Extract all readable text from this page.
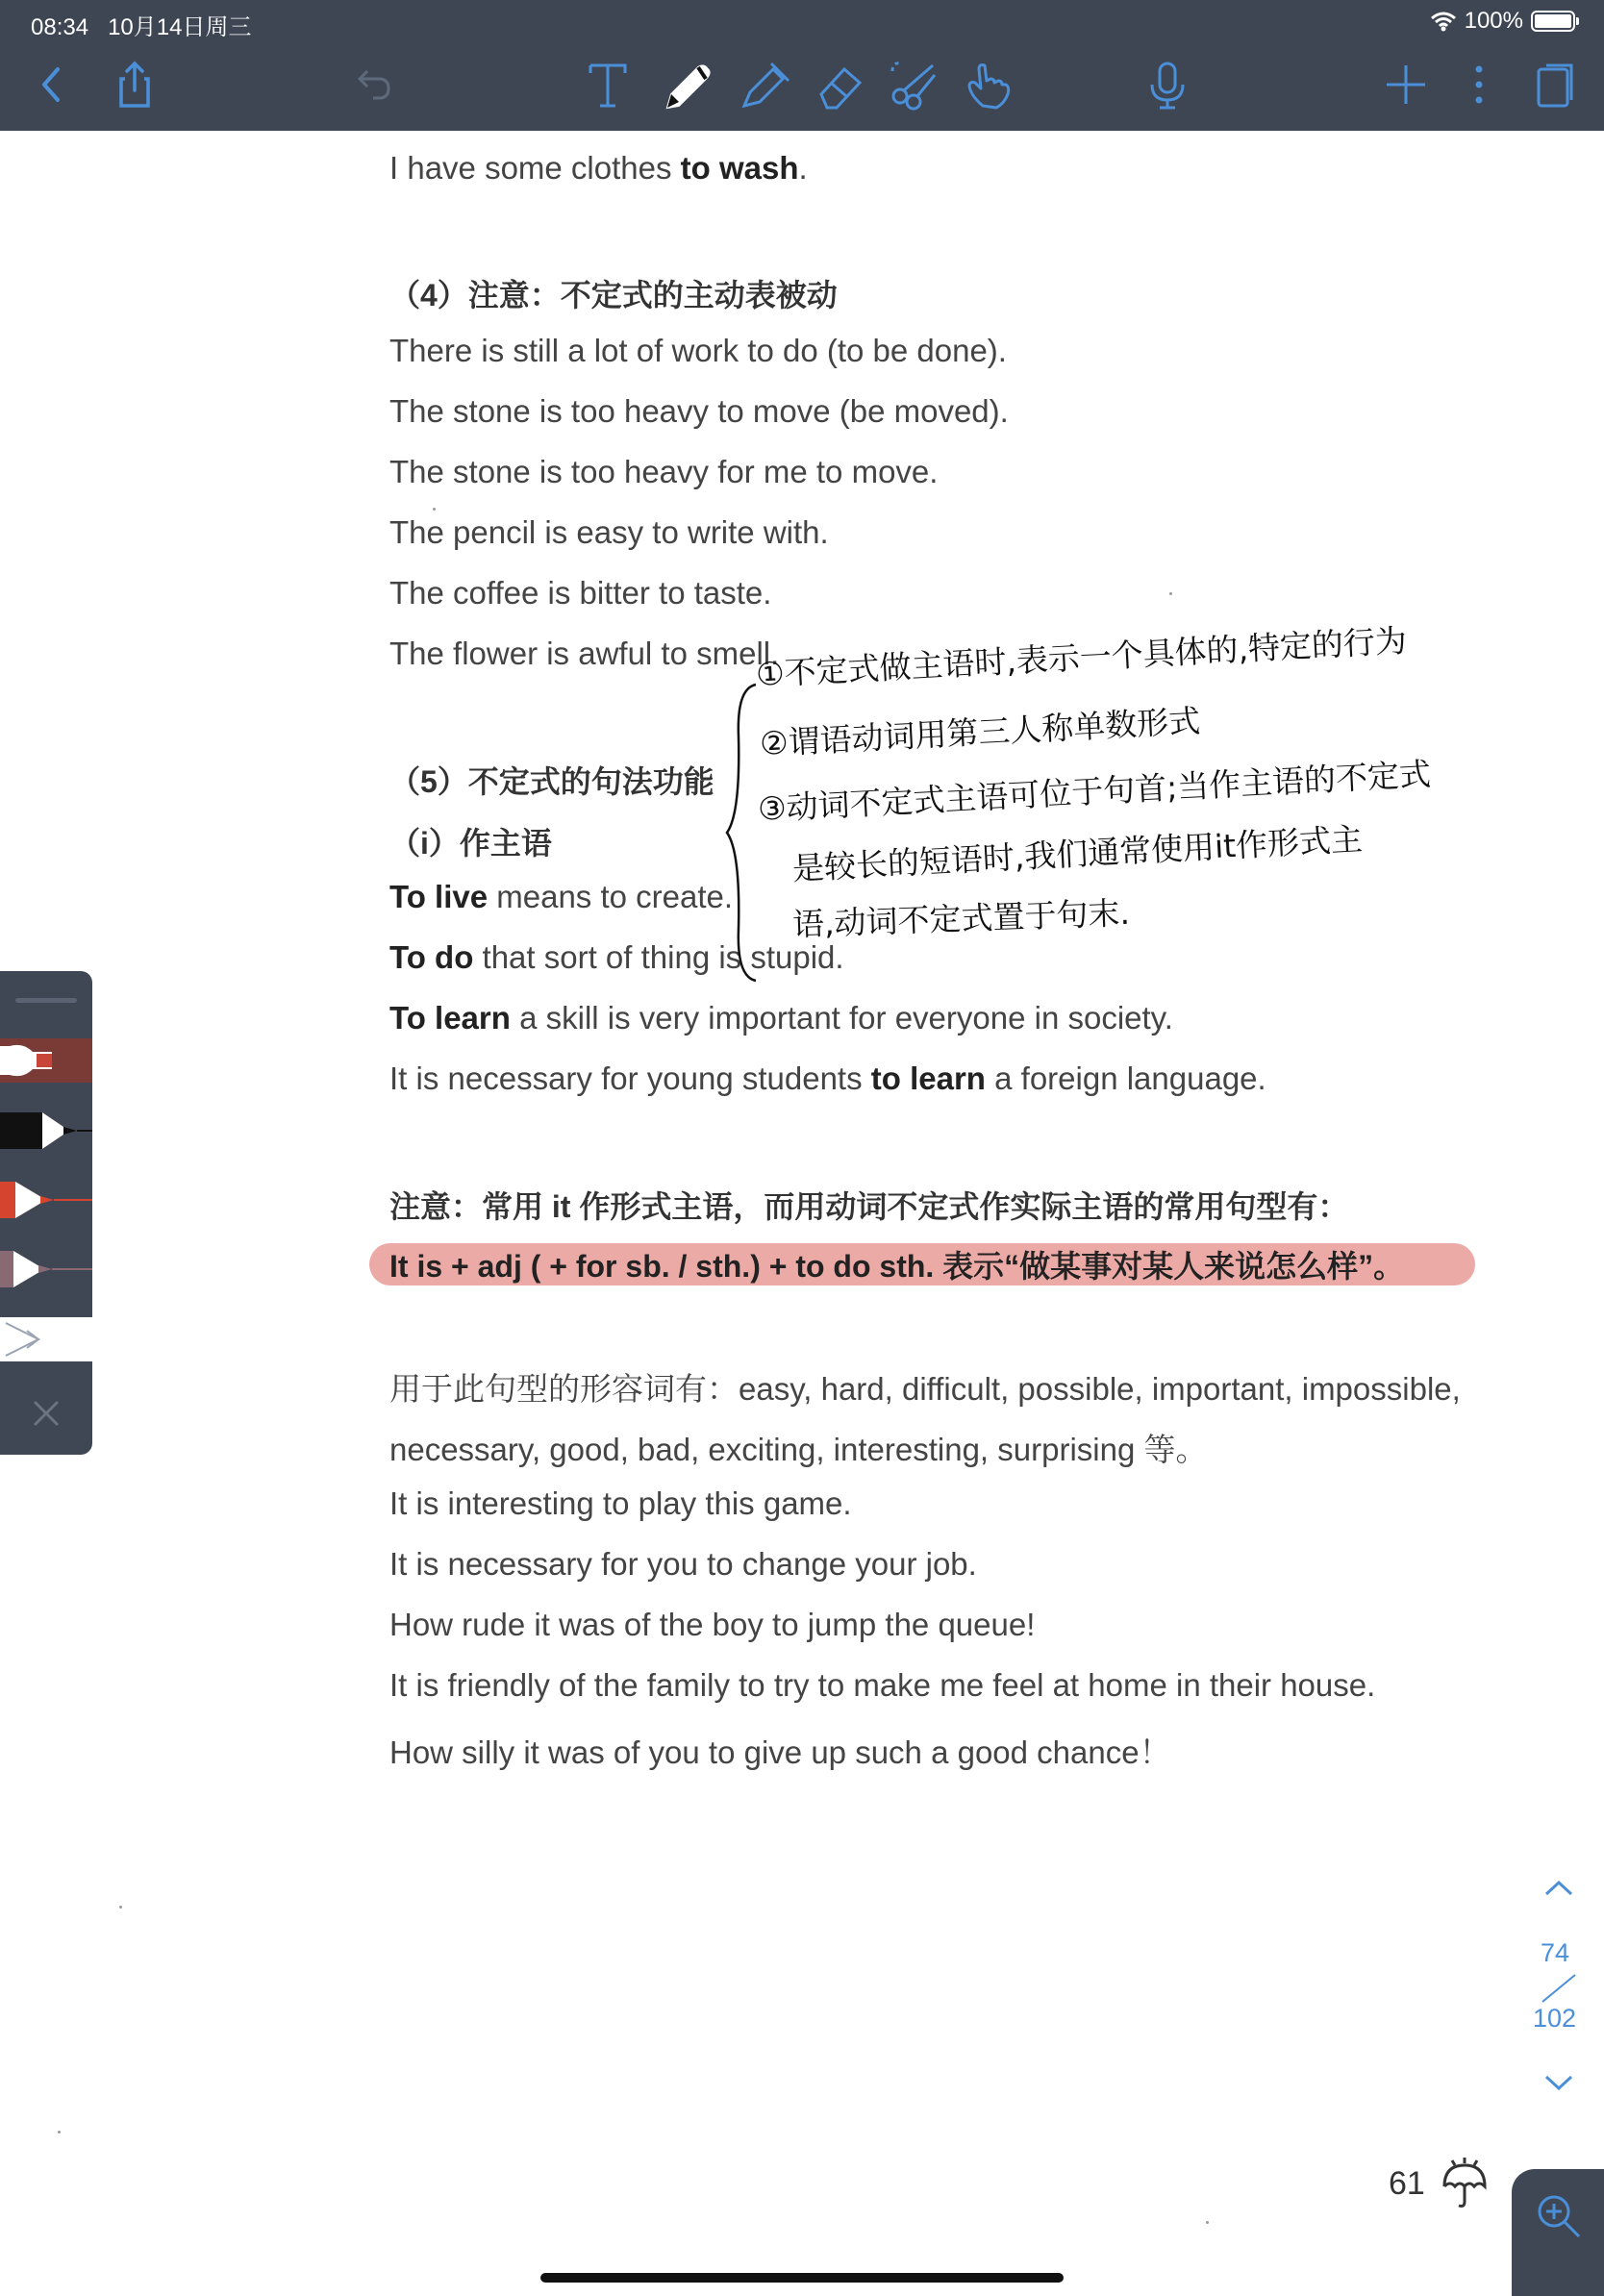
08:34 10月14日周三	100%
I have some clothes to wash.
（4）注意：不定式的主动表被动
There is still a lot of work to do (to be done).
The stone is too heavy to move (be moved).
The stone is too heavy for me to move.
The pencil is easy to write with.
The coffee is bitter to taste.
The flower is awful to smell.
（5）不定式的句法功能
（i）作主语
To live means to create.
To do that sort of thing is stupid.
To learn a skill is very important for everyone in society.
It is necessary for young students to learn a foreign language.
注意：常用 it 作形式主语，而用动词不定式作实际主语的常用句型有：
It is + adj ( + for sb. / sth.) + to do sth. 表示“做某事对某人来说怎么样”。
用于此句型的形容词有：easy, hard, difficult, possible, important, impossible,
necessary, good, bad, exciting, interesting, surprising 等。
It is interesting to play this game.
It is necessary for you to change your job.
How rude it was of the boy to jump the queue!
It is friendly of the family to try to make me feel at home in their house.
How silly it was of you to give up such a good chance！
①不定式做主语时,表示一个具体的,特定的行为
②谓语动词用第三人称单数形式
③动词不定式主语可位于句首;当作主语的不定式
是较长的短语时,我们通常使用it作形式主
语,动词不定式置于句末.
61
74
102
